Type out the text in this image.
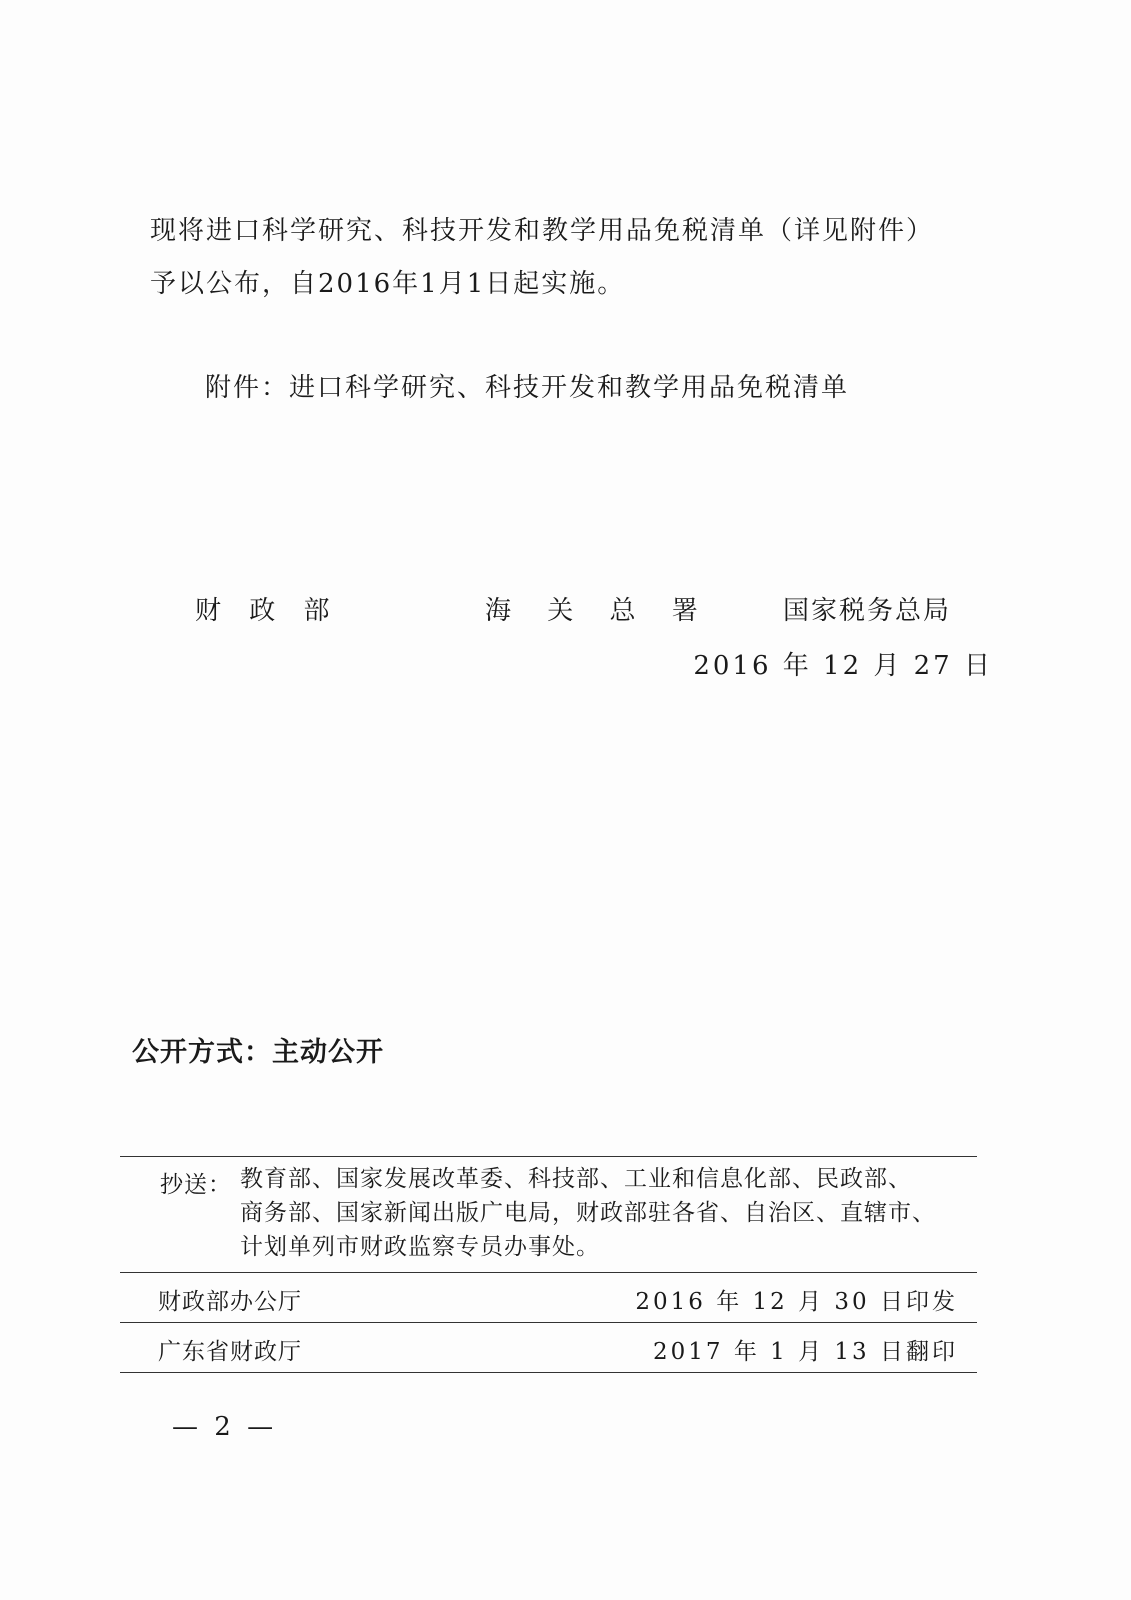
现将进口科学研究、科技开发和教学用品免税清单（详见附件）
予以公布，自2016年1月1日起实施。
附件：进口科学研究、科技开发和教学用品免税清单
财 政 部	海 关 总 署	国家税务总局
2016 年 12 月 27 日
公开方式：主动公开
抄送： 教育部、国家发展改革委、科技部、工业和信息化部、民政部、
商务部、国家新闻出版广电局，财政部驻各省、自治区、直辖市、
计划单列市财政监察专员办事处。
财政部办公厅	2016 年 12 月 30 日印发
广东省财政厅	2017 年 1 月 13 日翻印
— 2 —
